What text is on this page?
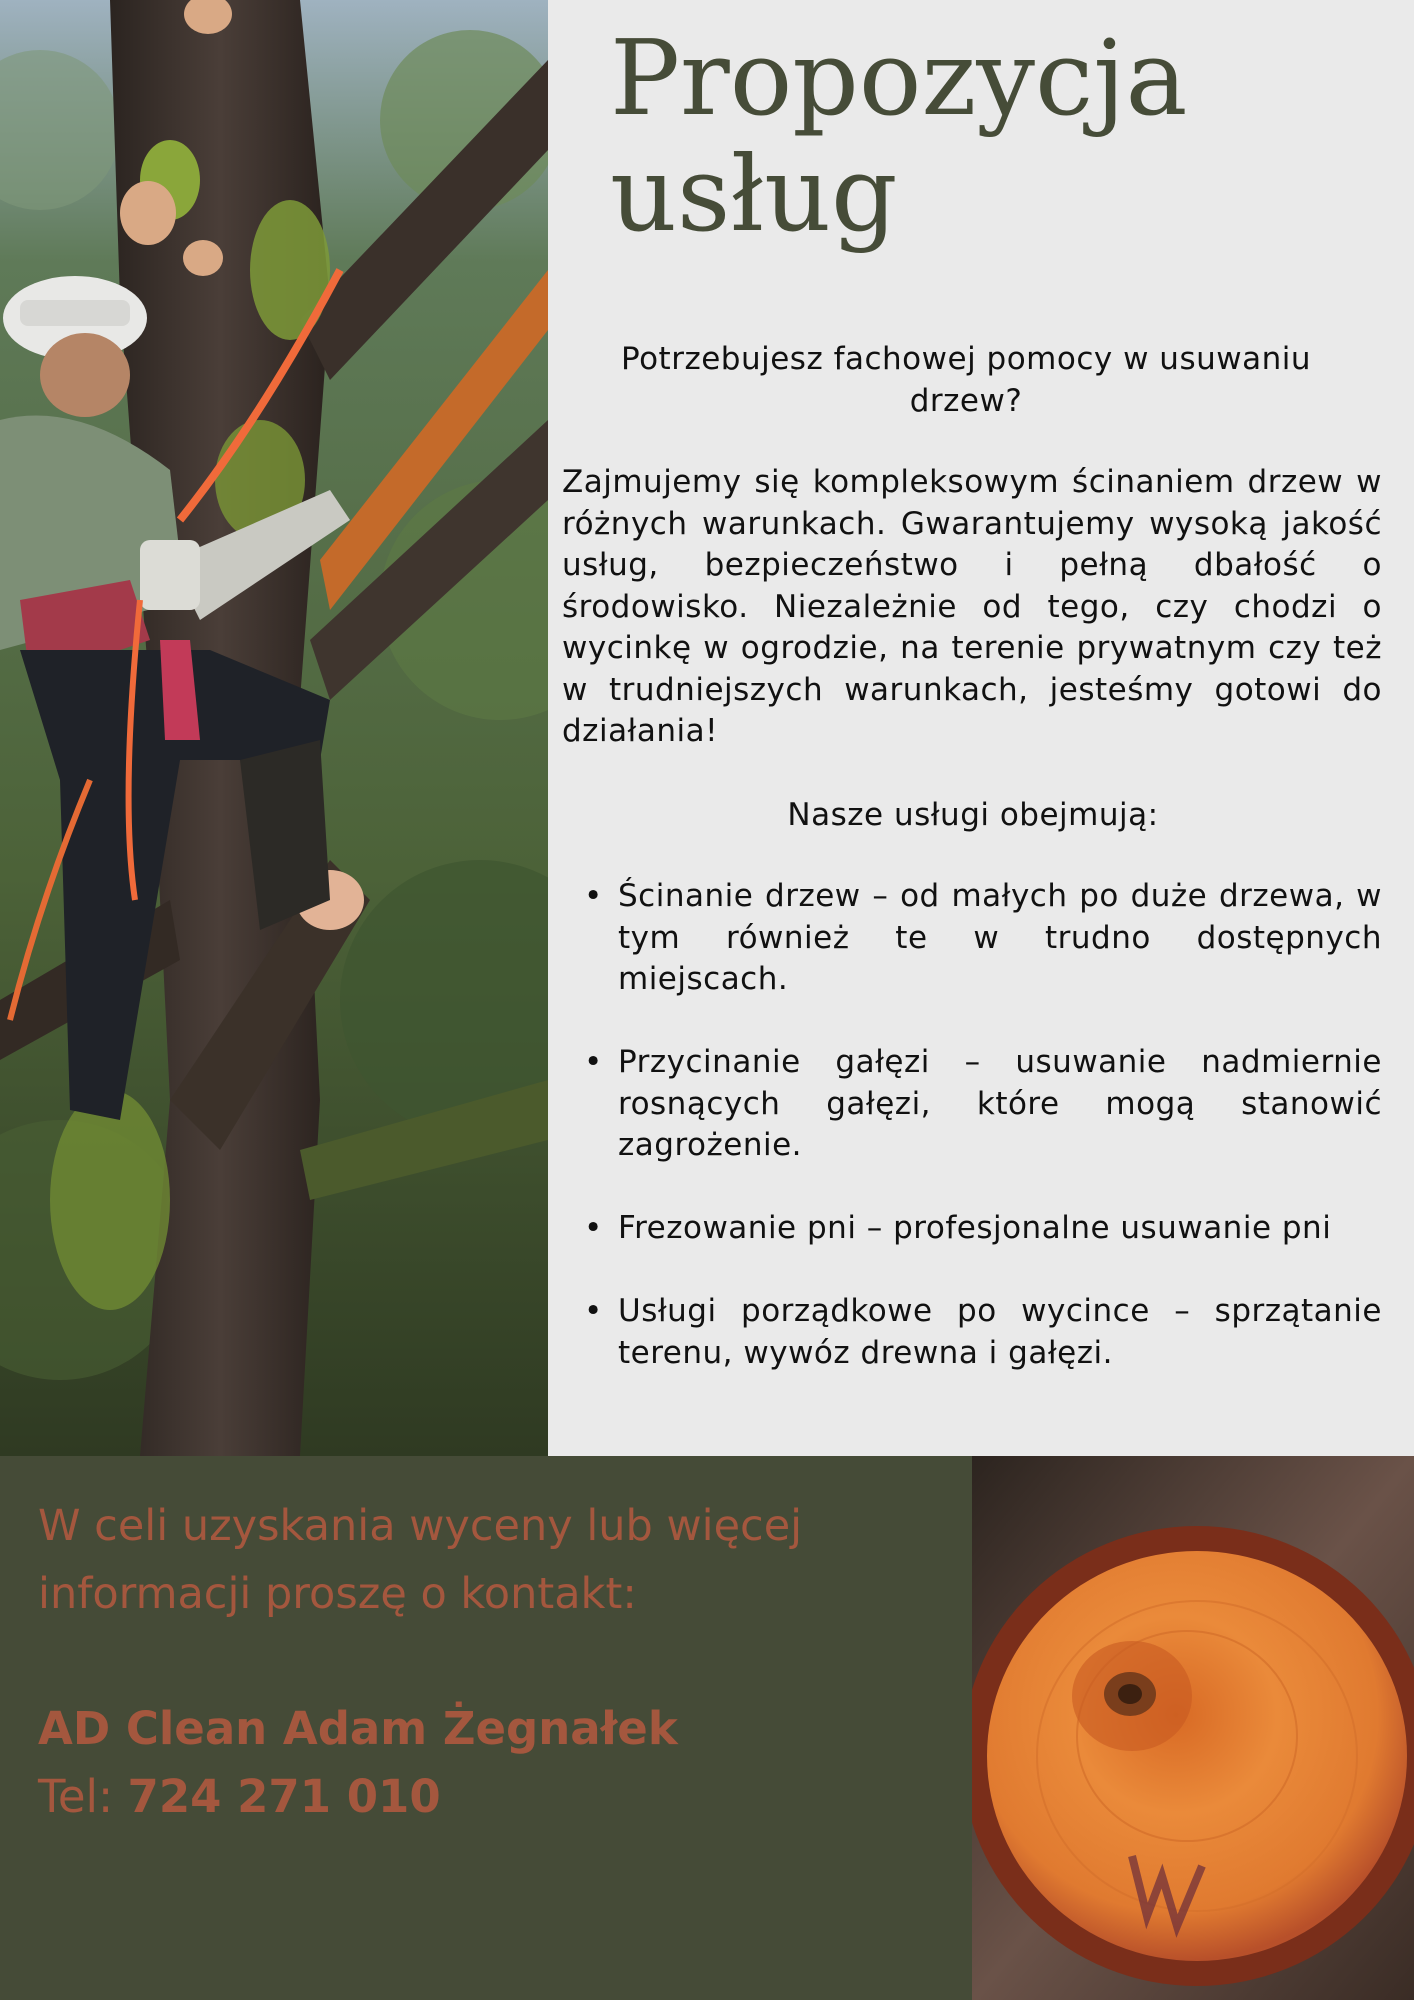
Propozycja usług

Potrzebujesz fachowej pomocy w usuwaniu drzew?

Zajmujemy się kompleksowym ścinaniem drzew w różnych warunkach. Gwarantujemy wysoką jakość usług, bezpieczeństwo i pełną dbałość o środowisko. Niezależnie od tego, czy chodzi o wycinkę w ogrodzie, na terenie prywatnym czy też w trudniejszych warunkach, jesteśmy gotowi do działania!

Nasze usługi obejmują:

• Ścinanie drzew – od małych po duże drzewa, w tym również te w trudno dostępnych miejscach.
• Przycinanie gałęzi – usuwanie nadmiernie rosnących gałęzi, które mogą stanowić zagrożenie.
• Frezowanie pni – profesjonalne usuwanie pni
• Usługi porządkowe po wycince – sprzątanie terenu, wywóz drewna i gałęzi.

W celi uzyskania wyceny lub więcej informacji proszę o kontakt:

AD Clean Adam Żegnałek

Tel: 724 271 010
